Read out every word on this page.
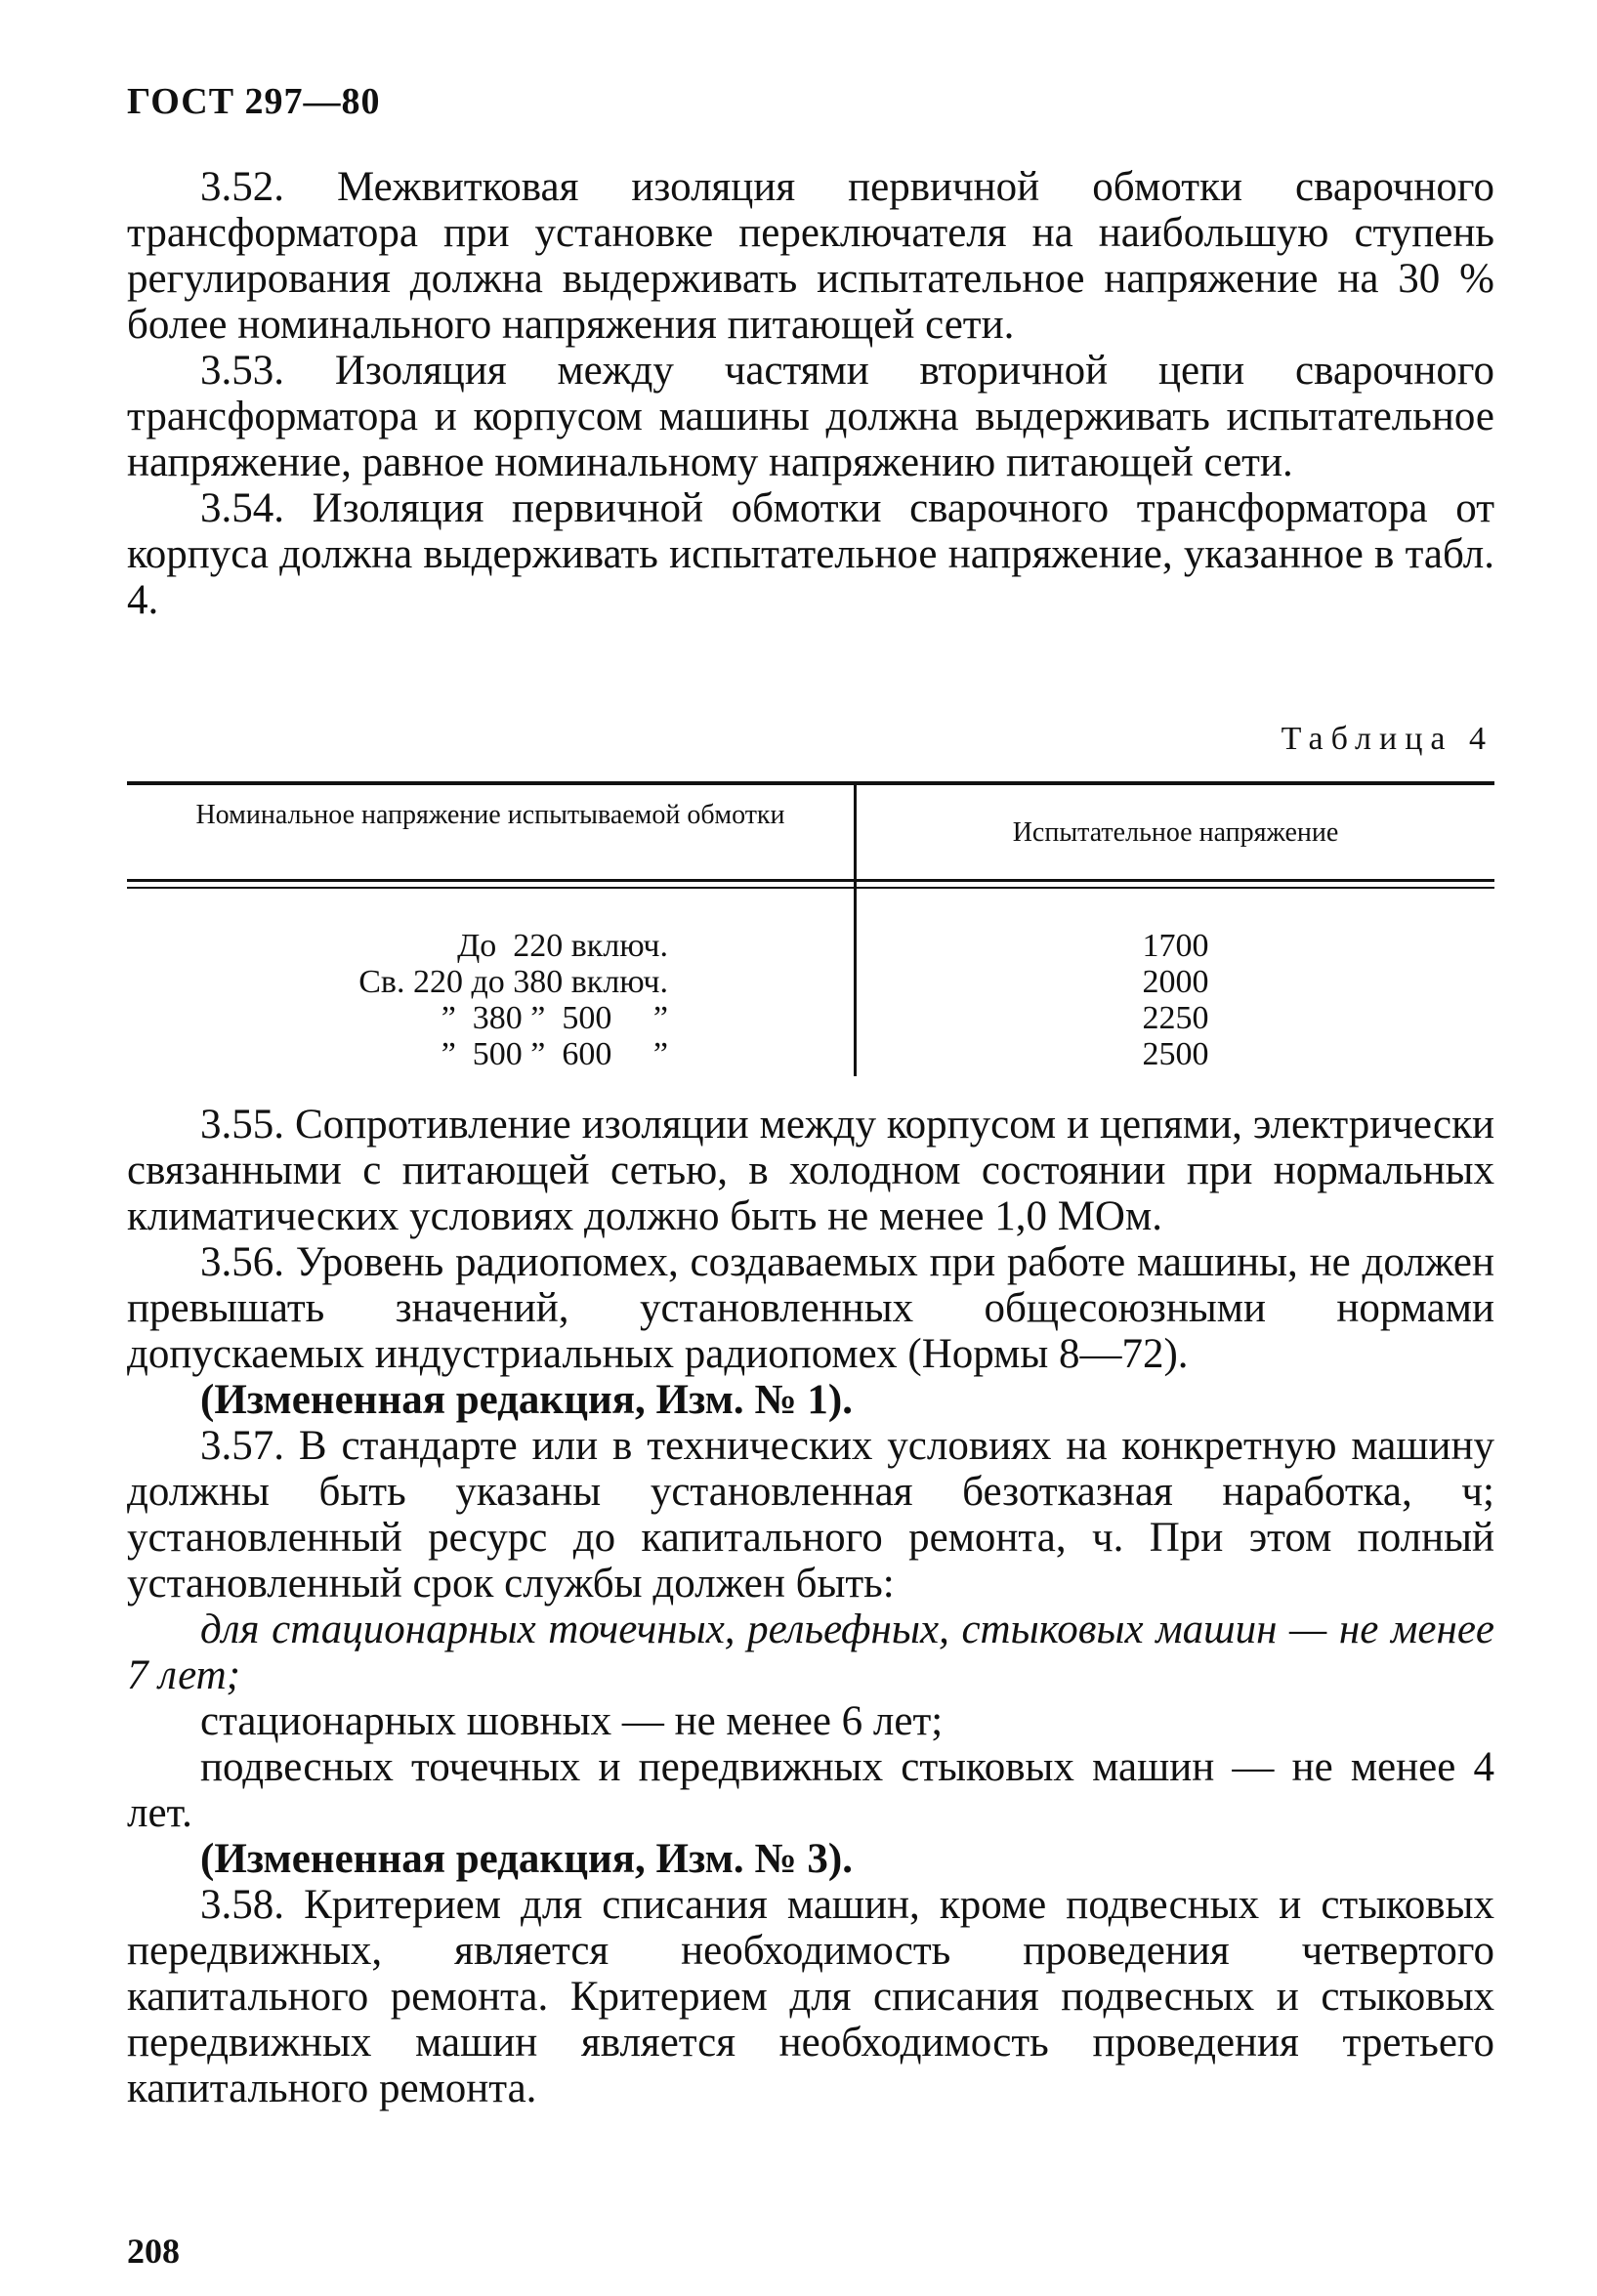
ГОСТ 297—80

3.52. Межвитковая изоляция первичной обмотки сварочного трансформатора при установке переключателя на наибольшую ступень регулирования должна выдерживать испытательное напряжение на 30 % более номинального напряжения питающей сети.

3.53. Изоляция между частями вторичной цепи сварочного трансформатора и корпусом машины должна выдерживать испытательное напряжение, равное номинальному напряжению питающей сети.

3.54. Изоляция первичной обмотки сварочного трансформатора от корпуса должна выдерживать испытательное напряжение, указанное в табл. 4.

Таблица 4
Номинальное напряжение испытываемой обмотки
Испытательное напряжение
До  220 включ.
Св. 220 до 380 включ.
”  380 ”  500     ”
”  500 ”  600     ”
1700
2000
2250
2500

3.55. Сопротивление изоляции между корпусом и цепями, электрически связанными с питающей сетью, в холодном состоянии при нормальных климатических условиях должно быть не менее 1,0 МОм.

3.56. Уровень радиопомех, создаваемых при работе машины, не должен превышать значений, установленных общесоюзными нормами допускаемых индустриальных радиопомех (Нормы 8—72).

(Измененная редакция, Изм. № 1).

3.57. В стандарте или в технических условиях на конкретную машину должны быть указаны установленная безотказная наработка, ч; установленный ресурс до капитального ремонта, ч. При этом полный установленный срок службы должен быть:

для стационарных точечных, рельефных, стыковых машин — не менее 7 лет;

стационарных шовных — не менее 6 лет;

подвесных точечных и передвижных стыковых машин — не менее 4 лет.

(Измененная редакция, Изм. № 3).

3.58. Критерием для списания машин, кроме подвесных и стыковых передвижных, является необходимость проведения четвертого капитального ремонта. Критерием для списания подвесных и стыковых передвижных машин является необходимость проведения третьего капитального ремонта.

208
